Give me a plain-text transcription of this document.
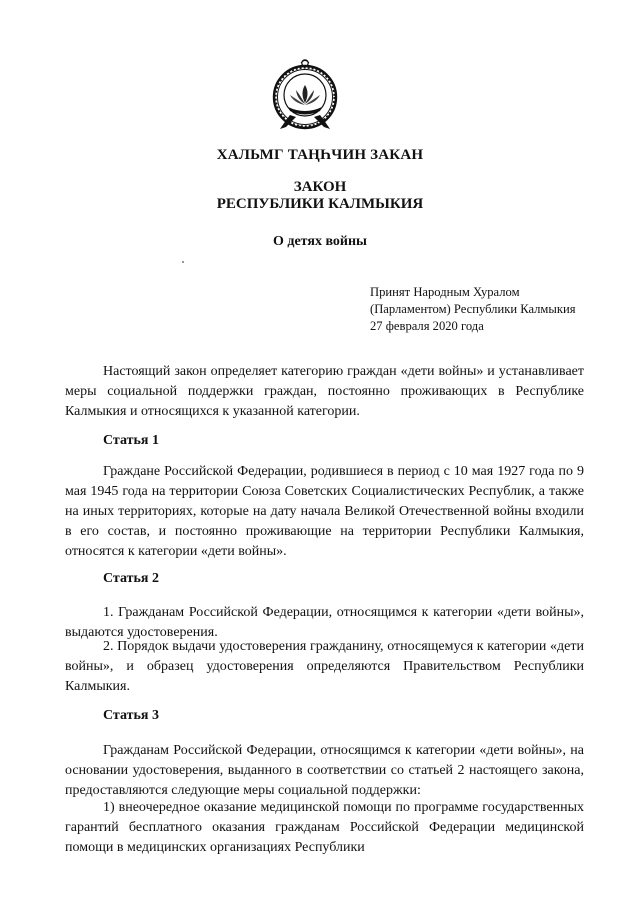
ХАЛЬМГ ТАҢҺЧИН ЗАКАН
ЗАКОН
РЕСПУБЛИКИ КАЛМЫКИЯ
О детях войны
Принят Народным Хуралом
(Парламентом) Республики Калмыкия
27 февраля 2020 года
Настоящий закон определяет категорию граждан «дети войны» и устанавливает меры социальной поддержки граждан, постоянно проживающих в Республике Калмыкия и относящихся к указанной категории.
Статья 1
Граждане Российской Федерации, родившиеся в период с 10 мая 1927 года по 9 мая 1945 года на территории Союза Советских Социалистических Республик, а также на иных территориях, которые на дату начала Великой Отечественной войны входили в его состав, и постоянно проживающие на территории Республики Калмыкия, относятся к категории «дети войны».
Статья 2
1. Гражданам Российской Федерации, относящимся к категории «дети войны», выдаются удостоверения.
2. Порядок выдачи удостоверения гражданину, относящемуся к категории «дети войны», и образец удостоверения определяются Правительством Республики Калмыкия.
Статья 3
Гражданам Российской Федерации, относящимся к категории «дети войны», на основании удостоверения, выданного в соответствии со статьей 2 настоящего закона, предоставляются следующие меры социальной поддержки:
1) внеочередное оказание медицинской помощи по программе государственных гарантий бесплатного оказания гражданам Российской Федерации медицинской помощи в медицинских организациях Республики
